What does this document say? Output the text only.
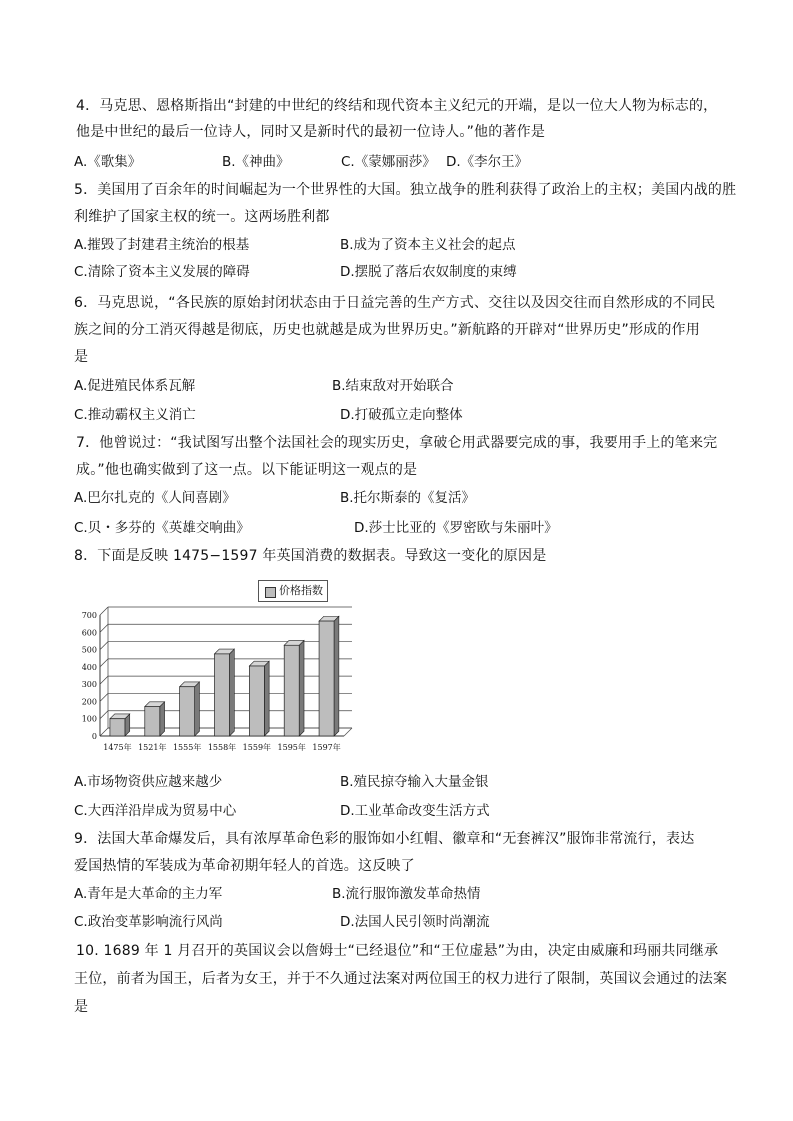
4．马克思、恩格斯指出“封建的中世纪的终结和现代资本主义纪元的开端，是以一位大人物为标志的，
他是中世纪的最后一位诗人，同时又是新时代的最初一位诗人。”他的著作是
A.《歌集》	B.《神曲》	C.《蒙娜丽莎》 D.《李尔王》
5．美国用了百余年的时间崛起为一个世界性的大国。独立战争的胜利获得了政治上的主权；美国内战的胜
利维护了国家主权的统一。这两场胜利都
A.摧毁了封建君主统治的根基	B.成为了资本主义社会的起点
C.清除了资本主义发展的障碍	D.摆脱了落后农奴制度的束缚
6．马克思说，“各民族的原始封闭状态由于日益完善的生产方式、交往以及因交往而自然形成的不同民
族之间的分工消灭得越是彻底，历史也就越是成为世界历史。”新航路的开辟对“世界历史”形成的作用
是
A.促进殖民体系瓦解	B.结束敌对开始联合
C.推动霸权主义消亡	D.打破孤立走向整体
7．他曾说过：“我试图写出整个法国社会的现实历史，拿破仑用武器要完成的事，我要用手上的笔来完
成。”他也确实做到了这一点。以下能证明这一观点的是
A.巴尔扎克的《人间喜剧》	B.托尔斯泰的《复活》
C.贝・多芬的《英雄交响曲》	D.莎士比亚的《罗密欧与朱丽叶》
8．下面是反映 1475−1597 年英国消费的数据表。导致这一变化的原因是
价格指数
0
100
200
300
400
500
600
700
1475年 1521年 1555年 1558年 1559年 1595年 1597年
A.市场物资供应越来越少	B.殖民掠夺输入大量金银
C.大西洋沿岸成为贸易中心	D.工业革命改变生活方式
9．法国大革命爆发后，具有浓厚革命色彩的服饰如小红帽、徽章和“无套裤汉”服饰非常流行，表达
爱国热情的军装成为革命初期年轻人的首选。这反映了
A.青年是大革命的主力军	B.流行服饰激发革命热情
C.政治变革影响流行风尚	D.法国人民引领时尚潮流
10. 1689 年 1 月召开的英国议会以詹姆士“已经退位”和“王位虚悬”为由，决定由威廉和玛丽共同继承
王位，前者为国王，后者为女王，并于不久通过法案对两位国王的权力进行了限制，英国议会通过的法案
是
